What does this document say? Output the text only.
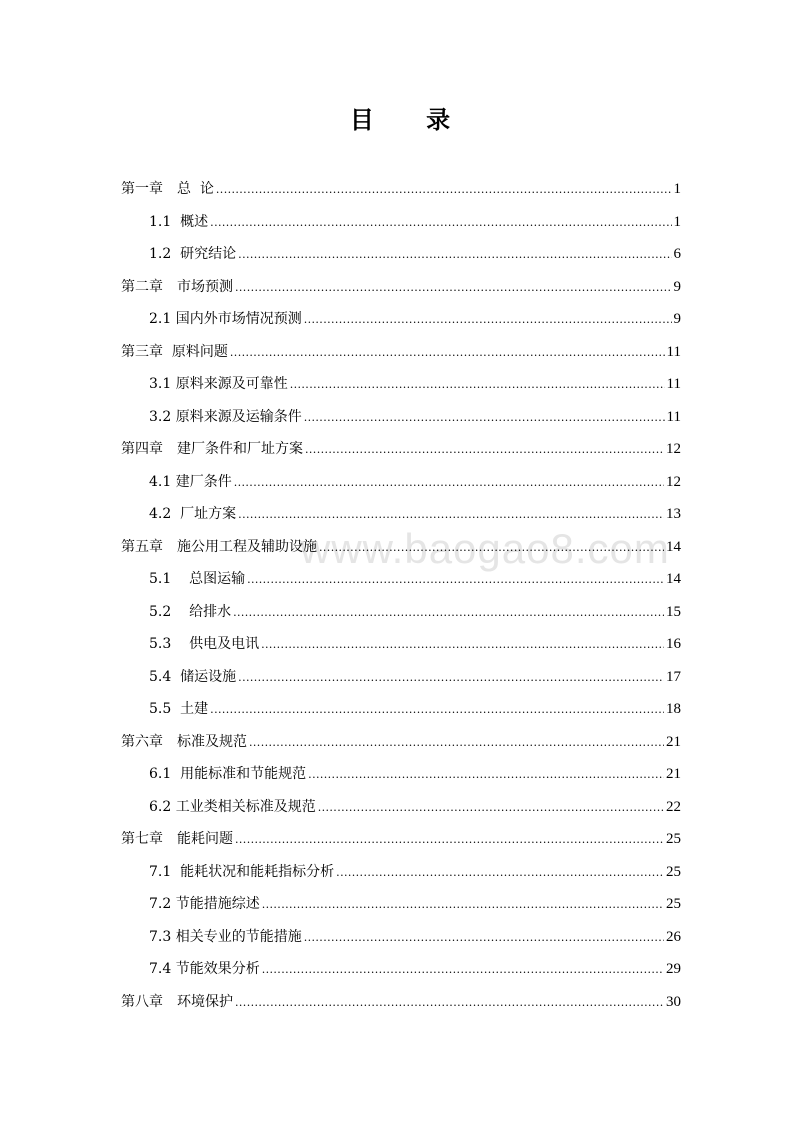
目 录
www.baogao8.com
第一章　总  论 .....	1
1.1  概述 .....	1
1.2  研究结论 .....	6
第二章　市场预测 .....	9
2.1 国内外市场情况预测 .....	9
第三章  原料问题 .....	11
3.1 原料来源及可靠性 .....	11
3.2 原料来源及运输条件 .....	11
第四章　建厂条件和厂址方案 .....	12
4.1 建厂条件 .....	12
4.2  厂址方案 .....	13
第五章　施公用工程及辅助设施 .....	14
5.1    总图运输 .....	14
5.2    给排水 .....	15
5.3    供电及电讯 .....	16
5.4  储运设施 .....	17
5.5  土建 .....	18
第六章　标准及规范 .....	21
6.1  用能标准和节能规范 .....	21
6.2 工业类相关标准及规范 .....	22
第七章　能耗问题 .....	25
7.1  能耗状况和能耗指标分析 .....	25
7.2 节能措施综述 .....	25
7.3 相关专业的节能措施 .....	26
7.4 节能效果分析 .....	29
第八章　环境保护 .....	30
